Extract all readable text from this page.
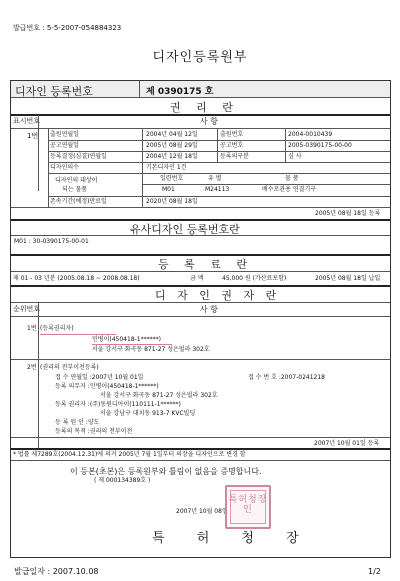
발급번호 : 5-5-2007-054884323
디자인등록원부
디자인 등록번호	제 0390175 호
권 리 란
표시번호	사 항
1번 출원연월일	2004년 04월 12일	출원번호	2004-0010439
공고연월일	2005년 08월 29일	공고번호	2005-0390175-00-00
등록결정(심결)연월일	2004년 12월 18일	등록의구분	심 사
디자인의수	기본디자인 1건
디자인의 대상이
되는 물품
일련번호	유 별	물 품
M01	M24113	배수로관용 연결기구
존속기간(예정)만료일	2020년 08월 18일
2005년 08월 18일 등록
유사디자인 등록번호란
M01 : 30-0390175-00-01
등 록 료 란
제 01 - 03 년분 (2005.08.18 ~ 2008.08.18)	금 액	45,000 원 (가산료포함)	2005년 08월 18일 납입
디 자 인 권 자 란
순위번호	사 항
1번 (등록권리자)
민병이(450418-1******)
서울 강서구 화곡동 871-27 성은빌라 302호
2번 (권리의 전부이전등록)
접 수 연월일 :2007년 10월 01일	접 수 번 호 :2007-0241218
등록 의무자 :민병이(450418-1******)
서울 강서구 화곡동 871-27 성은빌라 302호
등록 권리자 :(주)동원디아이(110111-1******)
서울 강남구 대치동 913-7 KVC빌딩
등 록 원 인 :양도
등록의 목적 :권리의 전부이전
2007년 10월 01일 등록
* 법률 제7289호(2004.12.31)에 의거 2005년 7월 1일부터 의장을 디자인으로 변경 함
이 등본(초본)은 등록원부와 틀림이 없음을 증명합니다.
( 제 000134389호 )
2007년 10월 08일
특 허 청 장
특허청장인
발급일자 : 2007.10.08	1/2
